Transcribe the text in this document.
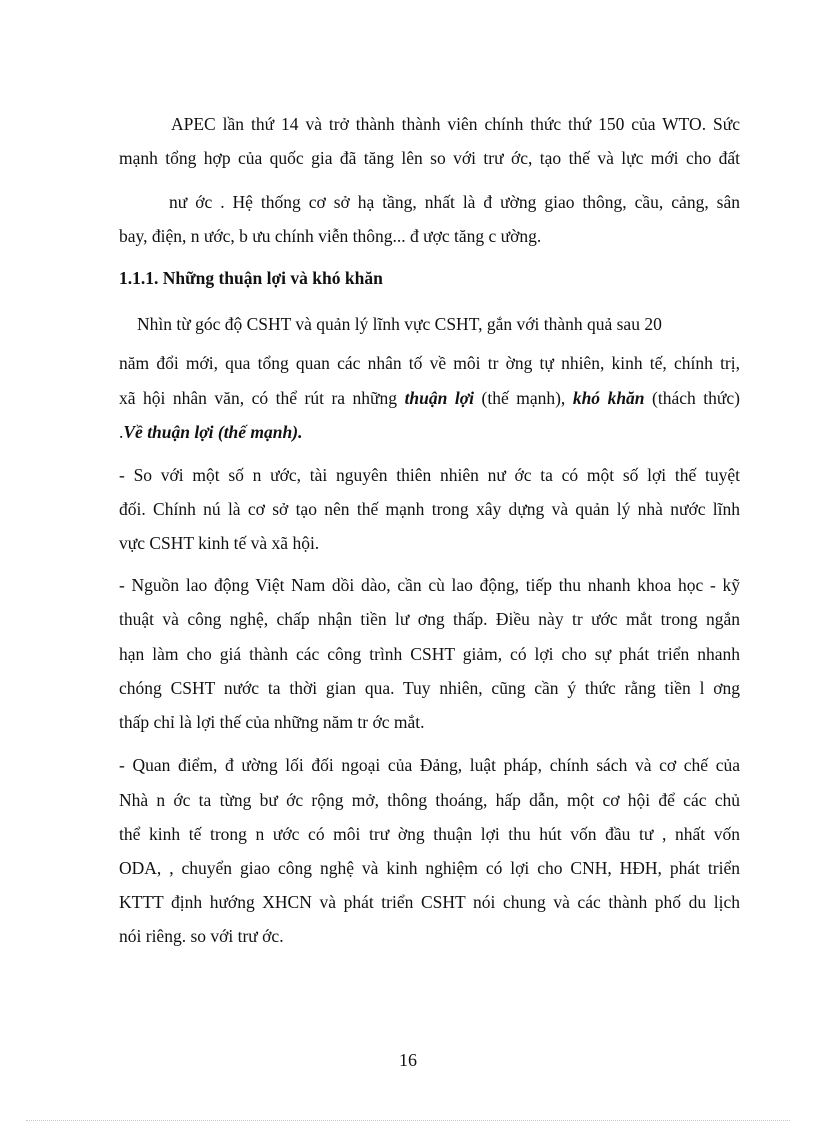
APEC lần thứ 14 và trở thành thành viên chính thức thứ 150 của WTO. Sức
mạnh tổng hợp của quốc gia đã tăng lên so với trư ớc, tạo thế và lực mới cho đất
nư ớc . Hệ thống cơ sở hạ tầng, nhất là đ ường giao thông, cầu, cảng, sân
bay, điện, n ước, b ưu chính viễn thông... đ ược tăng c ường.
1.1.1. Những thuận lợi và khó khăn
Nhìn từ góc độ CSHT và quản lý lĩnh vực CSHT, gắn với thành quả sau 20
năm đổi mới, qua tổng quan các nhân tố về môi tr ờng tự nhiên, kinh tế, chính trị,
xã hội nhân văn, có thể rút ra những thuận lợi (thế mạnh), khó khăn (thách thức)
.Về thuận lợi (thế mạnh).
- So với một số n ước, tài nguyên thiên nhiên nư ớc ta có một số lợi thế tuyệt
đối. Chính nú là cơ sở tạo nên thế mạnh trong xây dựng và quản lý nhà nước lĩnh
vực CSHT kinh tế và xã hội.
- Nguồn lao động Việt Nam dồi dào, cần cù lao động, tiếp thu nhanh khoa học - kỹ
thuật và công nghệ, chấp nhận tiền lư ơng thấp. Điều này tr ước mắt trong ngắn
hạn làm cho giá thành các công trình CSHT giảm, có lợi cho sự phát triển nhanh
chóng CSHT nước ta thời gian qua. Tuy nhiên, cũng cần ý thức rằng tiền l ơng
thấp chỉ là lợi thế của những năm tr ớc mắt.
- Quan điểm, đ ường lối đối ngoại của Đảng, luật pháp, chính sách và cơ chế của
Nhà n ớc ta từng bư ớc rộng mở, thông thoáng, hấp dẫn, một cơ hội để các chủ
thể kinh tế trong n ước có môi trư ờng thuận lợi thu hút vốn đầu tư , nhất vốn
ODA, , chuyển giao công nghệ và kinh nghiệm có lợi cho CNH, HĐH, phát triển
KTTT định hướng XHCN và phát triển CSHT nói chung và các thành phố du lịch
nói riêng. so với trư ớc.
16
